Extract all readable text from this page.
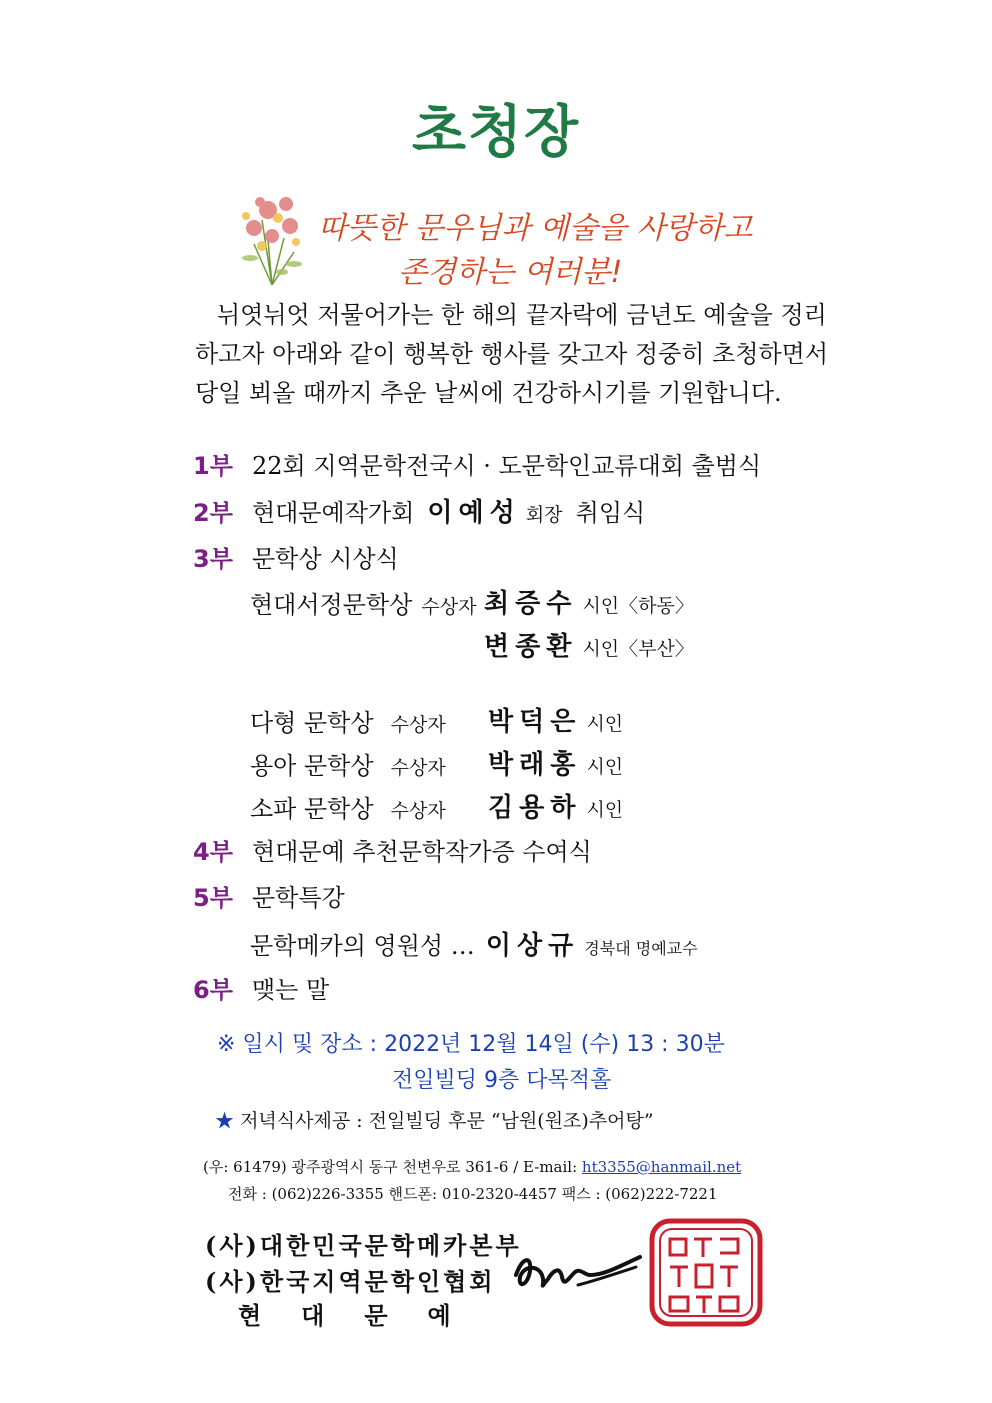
초청장
따뜻한 문우님과 예술을 사랑하고
존경하는 여러분!
뉘엿뉘엇 저물어가는 한 해의 끝자락에 금년도 예술을 정리
하고자 아래와 같이 행복한 행사를 갖고자 정중히 초청하면서
당일 뵈올 때까지 추운 날씨에 건강하시기를 기원합니다.
1부 22회 지역문학전국시 · 도문학인교류대회 출범식
2부 현대문예작가회 이예성 회장 취임식
3부 문학상 시상식
현대서정문학상 수상자 최증수 시인〈하동〉
변종환 시인〈부산〉
다형 문학상 수상자 박덕은 시인
용아 문학상 수상자 박래홍 시인
소파 문학상 수상자 김용하 시인
4부 현대문예 추천문학작가증 수여식
5부 문학특강
문학메카의 영원성 … 이상규 경북대 명예교수
6부 맺는 말
※ 일시 및 장소 : 2022년 12월 14일 (수) 13 : 30분
전일빌딩 9층 다목적홀
★ 저녁식사제공 : 전일빌딩 후문 “남원(원조)추어탕”
(우: 61479) 광주광역시 동구 천변우로 361-6 / E-mail: ht3355@hanmail.net
전화 : (062)226-3355 핸드폰: 010-2320-4457 팩스 : (062)222-7221
(사)대한민국문학메카본부
(사)한국지역문학인협회
현　대　문　예
